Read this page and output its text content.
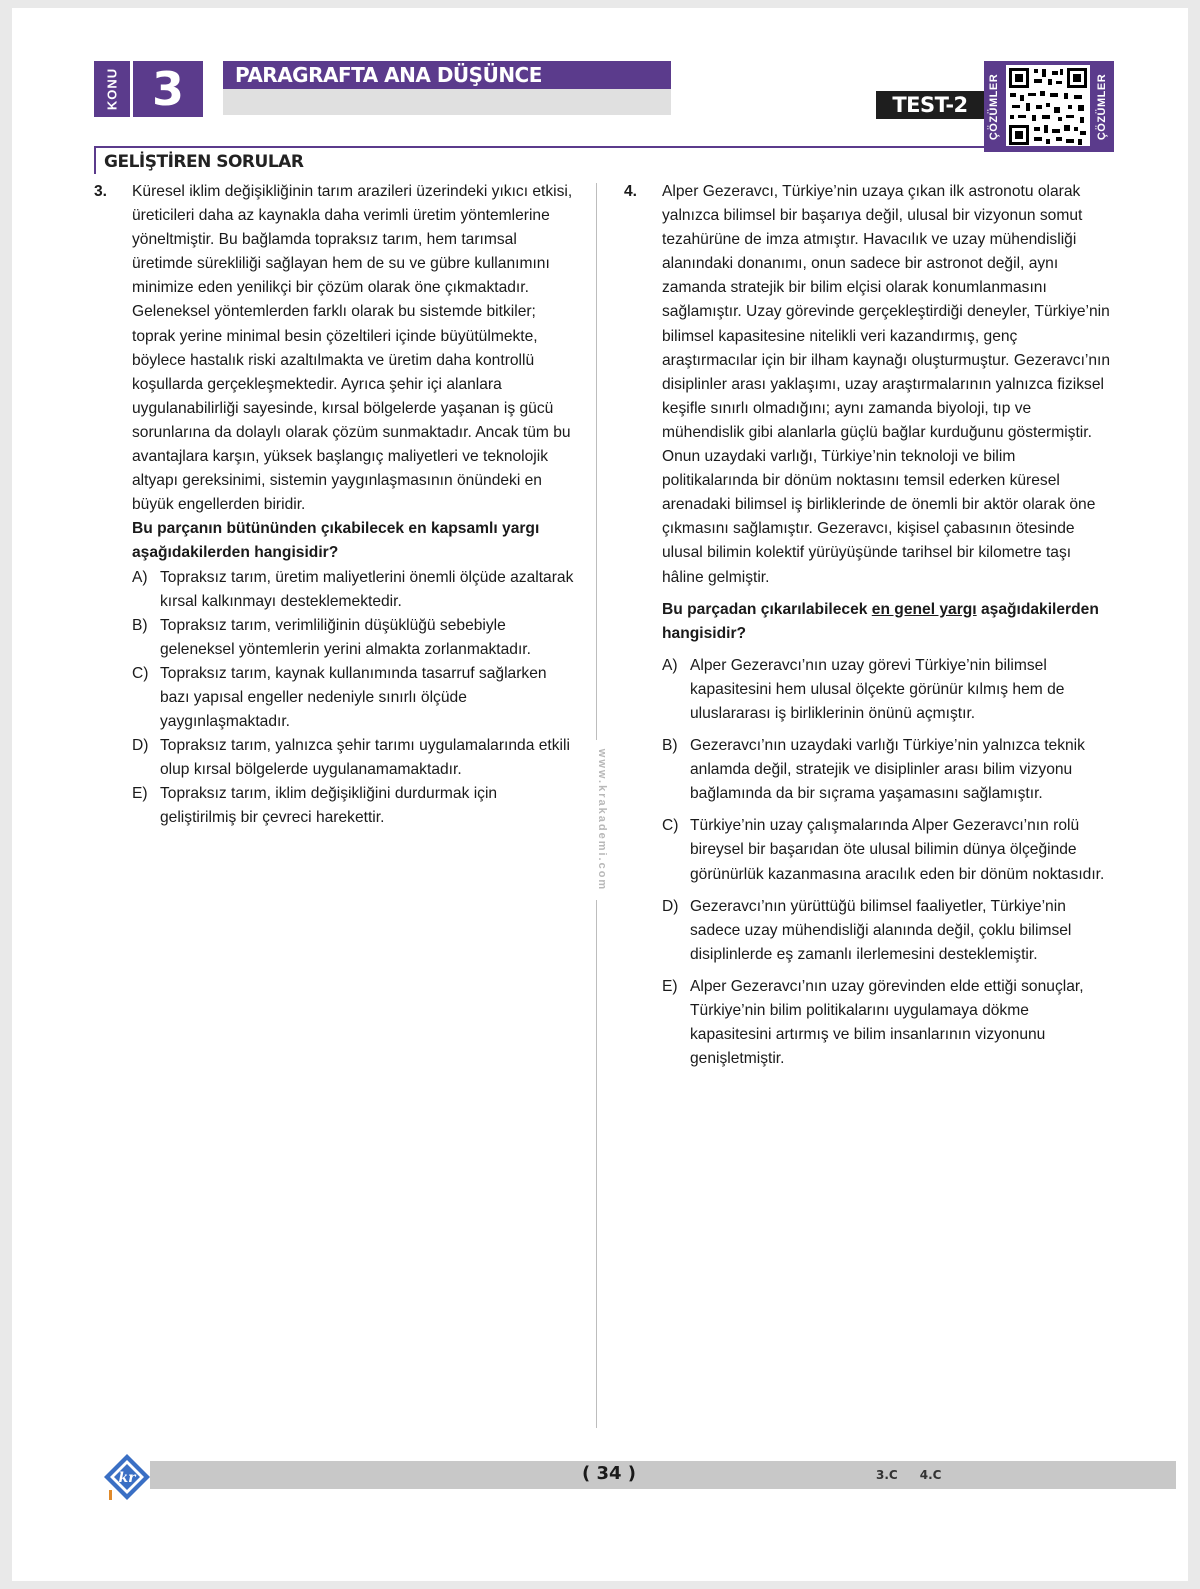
KONU 3	PARAGRAFTA ANA DÜŞÜNCE
TEST-2	ÇÖZÜMLER	ÇÖZÜMLER
GELİŞTİREN SORULAR
3. Küresel iklim değişikliğinin tarım arazileri üzerindeki yıkıcı etkisi, üreticileri daha az kaynakla daha verimli üretim yöntemlerine yöneltmiştir. Bu bağlamda topraksız tarım, hem tarımsal üretimde sürekliliği sağlayan hem de su ve gübre kullanımını minimize eden yenilikçi bir çözüm olarak öne çıkmaktadır. Geleneksel yöntemlerden farklı olarak bu sistemde bitkiler; toprak yerine minimal besin çözeltileri içinde büyütülmekte, böylece hastalık riski azaltılmakta ve üretim daha kontrollü koşullarda gerçekleşmektedir. Ayrıca şehir içi alanlara uygulanabilirliği sayesinde, kırsal bölgelerde yaşanan iş gücü sorunlarına da dolaylı olarak çözüm sunmaktadır. Ancak tüm bu avantajlara karşın, yüksek başlangıç maliyetleri ve teknolojik altyapı gereksinimi, sistemin yaygınlaşmasının önündeki en büyük engellerden biridir.
Bu parçanın bütününden çıkabilecek en kapsamlı yargı aşağıdakilerden hangisidir?
A) Topraksız tarım, üretim maliyetlerini önemli ölçüde azaltarak kırsal kalkınmayı desteklemektedir.
B) Topraksız tarım, verimliliğinin düşüklüğü sebebiyle geleneksel yöntemlerin yerini almakta zorlanmaktadır.
C) Topraksız tarım, kaynak kullanımında tasarruf sağlarken bazı yapısal engeller nedeniyle sınırlı ölçüde yaygınlaşmaktadır.
D) Topraksız tarım, yalnızca şehir tarımı uygulamalarında etkili olup kırsal bölgelerde uygulanamamaktadır.
E) Topraksız tarım, iklim değişikliğini durdurmak için geliştirilmiş bir çevreci harekettir.	www.krakademi.com
4. Alper Gezeravcı, Türkiye’nin uzaya çıkan ilk astronotu olarak yalnızca bilimsel bir başarıya değil, ulusal bir vizyonun somut tezahürüne de imza atmıştır. Havacılık ve uzay mühendisliği alanındaki donanımı, onun sadece bir astronot değil, aynı zamanda stratejik bir bilim elçisi olarak konumlanmasını sağlamıştır. Uzay görevinde gerçekleştirdiği deneyler, Türkiye’nin bilimsel kapasitesine nitelikli veri kazandırmış, genç araştırmacılar için bir ilham kaynağı oluşturmuştur. Gezeravcı’nın disiplinler arası yaklaşımı, uzay araştırmalarının yalnızca fiziksel keşifle sınırlı olmadığını; aynı zamanda biyoloji, tıp ve mühendislik gibi alanlarla güçlü bağlar kurduğunu göstermiştir. Onun uzaydaki varlığı, Türkiye’nin teknoloji ve bilim politikalarında bir dönüm noktasını temsil ederken küresel arenadaki bilimsel iş birliklerinde de önemli bir aktör olarak öne çıkmasını sağlamıştır. Gezeravcı, kişisel çabasının ötesinde ulusal bilimin kolektif yürüyüşünde tarihsel bir kilometre taşı hâline gelmiştir.
Bu parçadan çıkarılabilecek en genel yargı aşağıdakilerden hangisidir?
A) Alper Gezeravcı’nın uzay görevi Türkiye’nin bilimsel kapasitesini hem ulusal ölçekte görünür kılmış hem de uluslararası iş birliklerinin önünü açmıştır.
B) Gezeravcı’nın uzaydaki varlığı Türkiye’nin yalnızca teknik anlamda değil, stratejik ve disiplinler arası bilim vizyonu bağlamında da bir sıçrama yaşamasını sağlamıştır.
C) Türkiye’nin uzay çalışmalarında Alper Gezeravcı’nın rolü bireysel bir başarıdan öte ulusal bilimin dünya ölçeğinde görünürlük kazanmasına aracılık eden bir dönüm noktasıdır.
D) Gezeravcı’nın yürüttüğü bilimsel faaliyetler, Türkiye’nin sadece uzay mühendisliği alanında değil, çoklu bilimsel disiplinlerde eş zamanlı ilerlemesini desteklemiştir.
E) Alper Gezeravcı’nın uzay görevinden elde ettiği sonuçlar, Türkiye’nin bilim politikalarını uygulamaya dökme kapasitesini artırmış ve bilim insanlarının vizyonunu genişletmiştir.
kr	( 34 )	3.C 4.C
